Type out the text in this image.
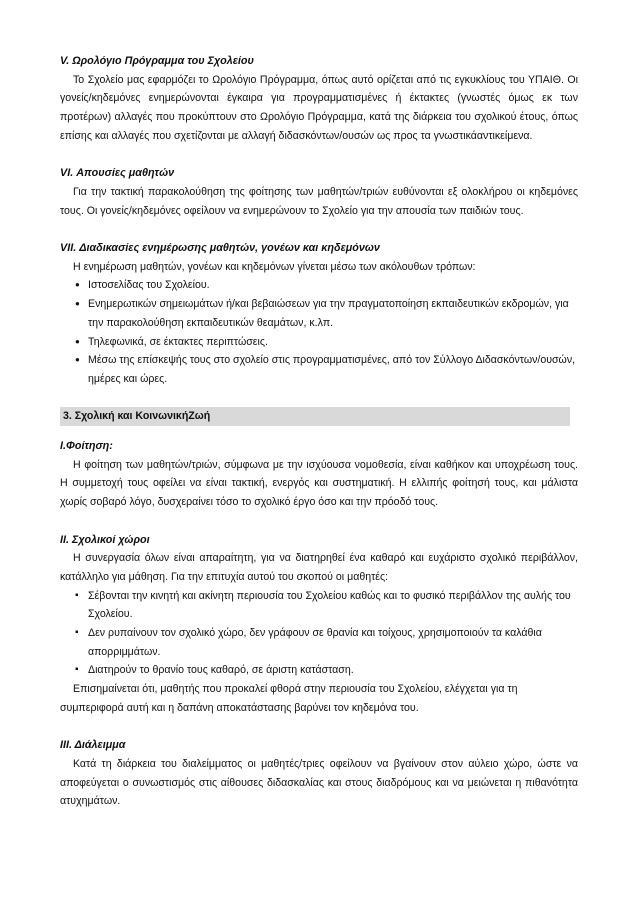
V. Ωρολόγιο Πρόγραμμα του Σχολείου

Το Σχολείο μας εφαρμόζει το Ωρολόγιο Πρόγραμμα, όπως αυτό ορίζεται από τις εγκυκλίους του ΥΠΑΙΘ. Οι γονείς/κηδεμόνες ενημερώνονται έγκαιρα για προγραμματισμένες ή έκτακτες (γνωστές όμως εκ των προτέρων) αλλαγές που προκύπτουν στο Ωρολόγιο Πρόγραμμα, κατά της διάρκεια του σχολικού έτους, όπως επίσης και αλλαγές που σχετίζονται με αλλαγή διδασκόντων/ουσών ως προς τα γνωστικάαντικείμενα.

VI. Απουσίες μαθητών

Για την τακτική παρακολούθηση της φοίτησης των μαθητών/τριών ευθύνονται εξ ολοκλήρου οι κηδεμόνες τους. Οι γονείς/κηδεμόνες οφείλουν να ενημερώνουν το Σχολείο για την απουσία των παιδιών τους.

VII. Διαδικασίες ενημέρωσης μαθητών, γονέων και κηδεμόνων

Η ενημέρωση μαθητών, γονέων και κηδεμόνων γίνεται μέσω των ακόλουθων τρόπων:

● Ιστοσελίδας του Σχολείου.
● Ενημερωτικών σημειωμάτων ή/και βεβαιώσεων για την πραγματοποίηση εκπαιδευτικών εκδρομών, για την παρακολούθηση εκπαιδευτικών θεαμάτων, κ.λπ.
● Τηλεφωνικά, σε έκτακτες περιπτώσεις.
● Μέσω της επίσκεψής τους στο σχολείο στις προγραμματισμένες, από τον Σύλλογο Διδασκόντων/ουσών, ημέρες και ώρες.
3. Σχολική και ΚοινωνικήΖωή
Ι.Φοίτηση:

Η φοίτηση των μαθητών/τριών, σύμφωνα με την ισχύουσα νομοθεσία, είναι καθήκον και υποχρέωση τους. Η συμμετοχή τους οφείλει να είναι τακτική, ενεργός και συστηματική. Η ελλιπής φοίτησή τους, και μάλιστα χωρίς σοβαρό λόγο, δυσχεραίνει τόσο το σχολικό έργο όσο και την πρόοδό τους.

ΙΙ. Σχολικοί χώροι

Η συνεργασία όλων είναι απαραίτητη, για να διατηρηθεί ένα καθαρό και ευχάριστο σχολικό περιβάλλον, κατάλληλο για μάθηση. Για την επιτυχία αυτού του σκοπού οι μαθητές:

▪ Σέβονται την κινητή και ακίνητη περιουσία του Σχολείου καθώς και το φυσικό περιβάλλον της αυλής του Σχολείου.
▪ Δεν ρυπαίνουν τον σχολικό χώρο, δεν γράφουν σε θρανία και τοίχους, χρησιμοποιούν τα καλάθια απορριμμάτων.
▪ Διατηρούν το θρανίο τους καθαρό, σε άριστη κατάσταση.

Επισημαίνεται ότι, μαθητής που προκαλεί φθορά στην περιουσία του Σχολείου, ελέγχεται για τη συμπεριφορά αυτή και η δαπάνη αποκατάστασης βαρύνει τον κηδεμόνα του.

ΙΙΙ. Διάλειμμα

Κατά τη διάρκεια του διαλείμματος οι μαθητές/τριες οφείλουν να βγαίνουν στον αύλειο χώρο, ώστε να αποφεύγεται ο συνωστισμός στις αίθουσες διδασκαλίας και στους διαδρόμους και να μειώνεται η πιθανότητα ατυχημάτων.
